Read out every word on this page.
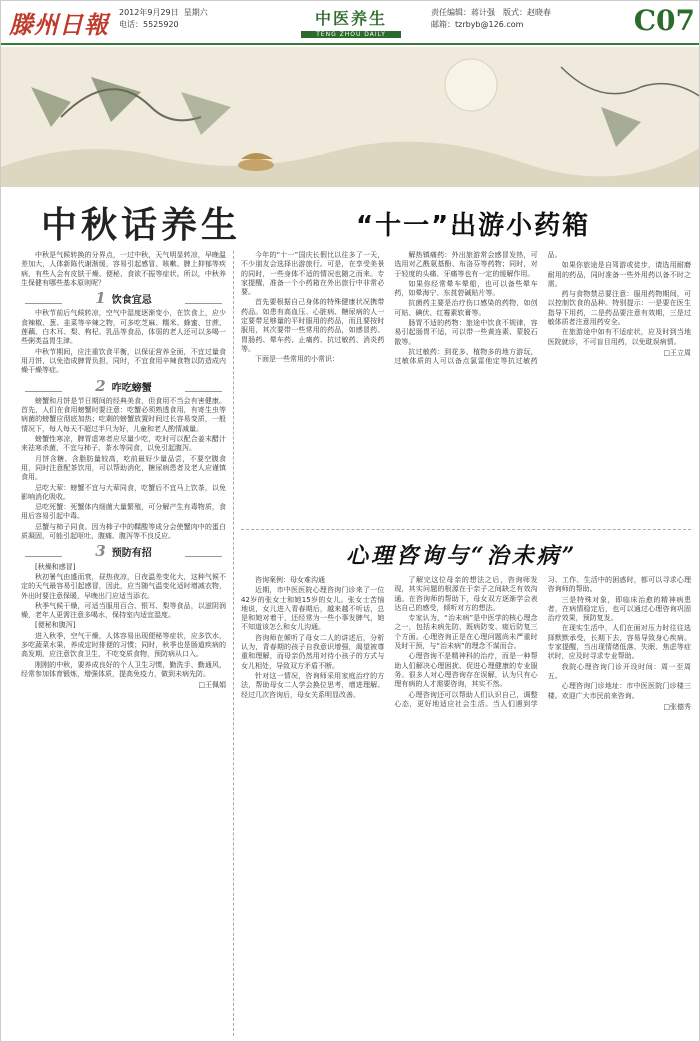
滕州日報 2012年9月29日 星期六
电话：5525920	中医养生
TENG ZHOU DAILY
责任编辑：蒋计强　版式：赵晓春
邮箱：tzrbyb@126.com	C07
中秋话养生

中秋是气候转换的分界点，一过中秋，天气明显转凉，早晚温差加大，人体新陈代谢渐缓，容易引起感冒、咳嗽、脾上抑郁等疾病，有些人会有皮肤干燥、便秘、食欲不振等症状。所以，中秋养生保健有哪些基本原则呢？

1 饮食宜忌

中秋节前后气候转凉，空气中湿度逐渐变小，在饮食上，应少食辣椒、葱、韭菜等辛辣之物，可多吃芝麻、糯米、蜂蜜、甘蔗、莲藕、白木耳、梨、枸杞、乳品等食品，体弱的老人还可以多喝一些粥类益胃生津。

中秋节期间，应注重饮食平衡，以保证营养全面，不宜过量食用月饼，以免造成脾胃负担，同时，不宜食用辛辣食物以防造成内燥干燥等症。

2 咋吃螃蟹

螃蟹和月饼是节日期间的经典美食，但食用不当会有害健康。首先，人们在食用螃蟹时要注意：吃蟹必须熟透食用，有寄生虫等病菌的螃蟹应彻底加热；吃剩的螃蟹放置时间过长容易变质，一般情况下，每人每天不超过半只为好，儿童和老人酌情减量。

螃蟹性寒凉，脾胃虚寒者应尽量少吃，吃时可以配合姜末醋汁来祛寒杀菌，不宜与柿子、茶水等同食，以免引起腹泻。

月饼含糖、含脂肪量较高，吃前最好少量品尝，不要空腹食用，同时注意配茶饮用，可以帮助消化，糖尿病患者及老人应谨慎食用。

忌吃大荤：螃蟹不宜与大荤同食，吃蟹后不宜马上饮茶，以免影响消化吸收。

忌吃死蟹：死蟹体内细菌大量繁殖，可分解产生有毒物质，食用后容易引起中毒。

忌蟹与柿子同食。因为柿子中的鞣酸等成分会使蟹肉中的蛋白质凝固，可能引起呕吐、腹痛、腹泻等不良反应。

3 预防有招

[秋燥和感冒]

秋初暑气由盛而衰，昼热夜凉，日夜温差变化大，这种气候不定的天气最容易引起感冒，因此，应当随气温变化适时增减衣物，外出时要注意保暖，早晚出门应适当添衣。

秋季气候干燥，可适当服用百合、银耳、梨等食品，以滋阴润燥，老年人更需注意多喝水，保持室内适宜湿度。

[便秘和腹泻]

进入秋季，空气干燥，人体容易出现便秘等症状，应多饮水，多吃蔬菜水果，养成定时排便的习惯；同时，秋季也是肠道疾病的高发期，应注意饮食卫生，不吃变质食物，预防病从口入。

刚刚的中秋，要养成良好的个人卫生习惯，勤洗手、勤通风，经常参加体育锻炼，增强体质，提高免疫力，做到未病先防。

□王佩娟
“十一”出游小药箱

今年的“十一”国庆长假比以往多了一天，不少朋友会选择出游旅行。可是，在享受美景的同时，一些身体不适的情况也随之而来。专家提醒，准备一个小药箱在外出旅行中非常必要。

首先要根据自己身体的特殊健康状况携带药品。如患有高血压、心脏病、糖尿病的人一定要带足够量的平时服用的药品，而且要按时服用，其次要带一些常用的药品，如感冒药、胃肠药、晕车药、止痛药、抗过敏药、消炎药等。

下面是一些常用的小常识：

解热镇痛药：外出旅游常会感冒发热，可选用对乙酰氨基酚、布洛芬等药物；同时，对于轻度的头痛、牙痛等也有一定的缓解作用。

如果你经常晕车晕船，也可以备些晕车药，如晕海宁、东莨菪碱贴片等。

抗菌药主要是治疗伤口感染的药物，如创可贴、碘伏、红霉素软膏等。

肠胃不适的药物：旅途中饮食不规律，容易引起肠胃不适，可以带一些黄连素、蒙脱石散等。

抗过敏药：到花多、植物多的地方游玩，过敏体质的人可以备点氯雷他定等抗过敏药品。

如果你旅途是自驾游或徒步，请选用耐磨耐用的药品，同时准备一些外用药以备不时之需。

药与食物禁忌要注意：服用药物期间，可以控制饮食的品种。特别提示：一是要在医生指导下用药，二是药品要注意有效期，三是过敏体质者注意用药安全。

在旅游途中如有不适症状，应及时到当地医院就诊，不可盲目用药，以免耽误病情。

□王立周
心理咨询与“治未病”

咨询案例：母女难沟通

近期，市中医医院心理咨询门诊来了一位42岁的张女士和她15岁的女儿。张女士苦恼地说，女儿进入青春期后，越来越不听话，总是和她对着干，还经常为一些小事发脾气，她不知道该怎么和女儿沟通。

咨询师在倾听了母女二人的讲述后，分析认为，青春期的孩子自我意识增强，渴望被尊重和理解，而母亲仍然用对待小孩子的方式与女儿相处，导致双方矛盾不断。

针对这一情况，咨询师采用家庭治疗的方法，帮助母女二人学会换位思考，增进理解。经过几次咨询后，母女关系明显改善。

了解完这位母亲的想法之后，咨询师发现，其实问题的根源在于亲子之间缺乏有效沟通。在咨询师的帮助下，母女双方逐渐学会表达自己的感受，倾听对方的想法。

专家认为，“治未病”是中医学的核心理念之一，包括未病先防、既病防变、瘥后防复三个方面。心理咨询正是在心理问题尚未严重时及时干预，与“治未病”的理念不谋而合。

心理咨询不是精神科的治疗，而是一种帮助人们解决心理困扰、促进心理健康的专业服务。很多人对心理咨询存在误解，认为只有心理有病的人才需要咨询，其实不然。

心理咨询还可以帮助人们认识自己，调整心态，更好地适应社会生活。当人们遇到学习、工作、生活中的困惑时，都可以寻求心理咨询师的帮助。

三是特殊对象，即临床治愈的精神病患者，在病情稳定后，也可以通过心理咨询巩固治疗效果，预防复发。

在现实生活中，人们在面对压力时往往选择默默承受，长期下去，容易导致身心疾病。专家提醒，当出现情绪低落、失眠、焦虑等症状时，应及时寻求专业帮助。

我院心理咨询门诊开设时间：周一至周五。

心理咨询门诊地址：市中医医院门诊楼三楼。欢迎广大市民前来咨询。

□张德秀
